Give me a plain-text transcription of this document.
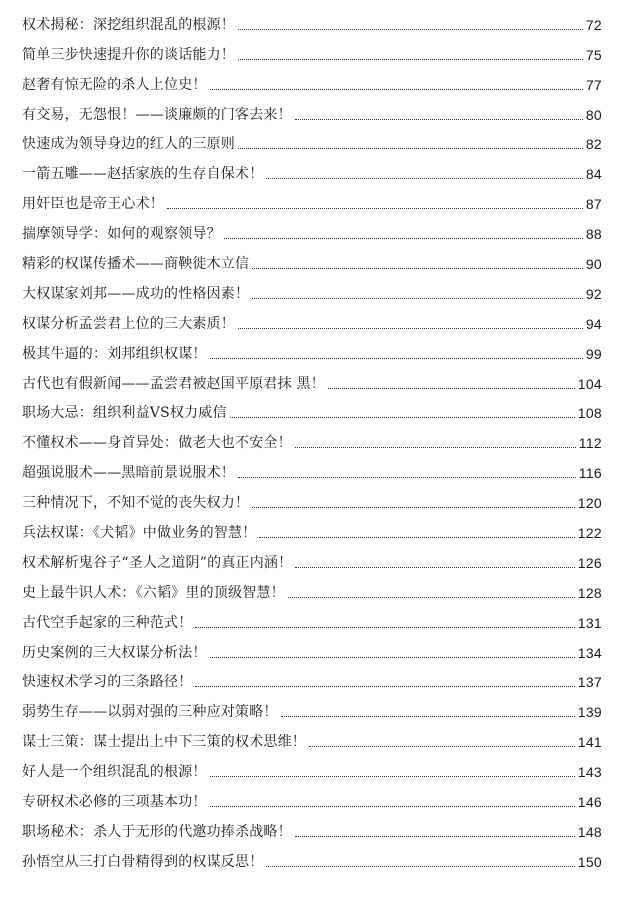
权术揭秘：深挖组织混乱的根源！	72
简单三步快速提升你的谈话能力！	75
赵奢有惊无险的杀人上位史！	77
有交易，无怨恨！——谈廉颇的门客去来！	80
快速成为领导身边的红人的三原则	82
一箭五雕——赵括家族的生存自保术！	84
用奸臣也是帝王心术！	87
揣摩领导学：如何的观察领导？	88
精彩的权谋传播术——商鞅徙木立信	90
大权谋家刘邦——成功的性格因素！	92
权谋分析孟尝君上位的三大素质！	94
极其牛逼的：刘邦组织权谋！	99
古代也有假新闻——孟尝君被赵国平原君抹 黑！	104
职场大忌：组织利益VS权力威信	108
不懂权术——身首异处：做老大也不安全！	112
超强说服术——黑暗前景说服术！	116
三种情况下，不知不觉的丧失权力！	120
兵法权谋：《犬韬》中做业务的智慧！	122
权术解析鬼谷子“圣人之道阴”的真正内涵！	126
史上最牛识人术：《六韬》里的顶级智慧！	128
古代空手起家的三种范式！	131
历史案例的三大权谋分析法！	134
快速权术学习的三条路径！	137
弱势生存——以弱对强的三种应对策略！	139
谋士三策：谋士提出上中下三策的权术思维！	141
好人是一个组织混乱的根源！	143
专研权术必修的三项基本功！	146
职场秘术：杀人于无形的代邀功捧杀战略！	148
孙悟空从三打白骨精得到的权谋反思！	150
